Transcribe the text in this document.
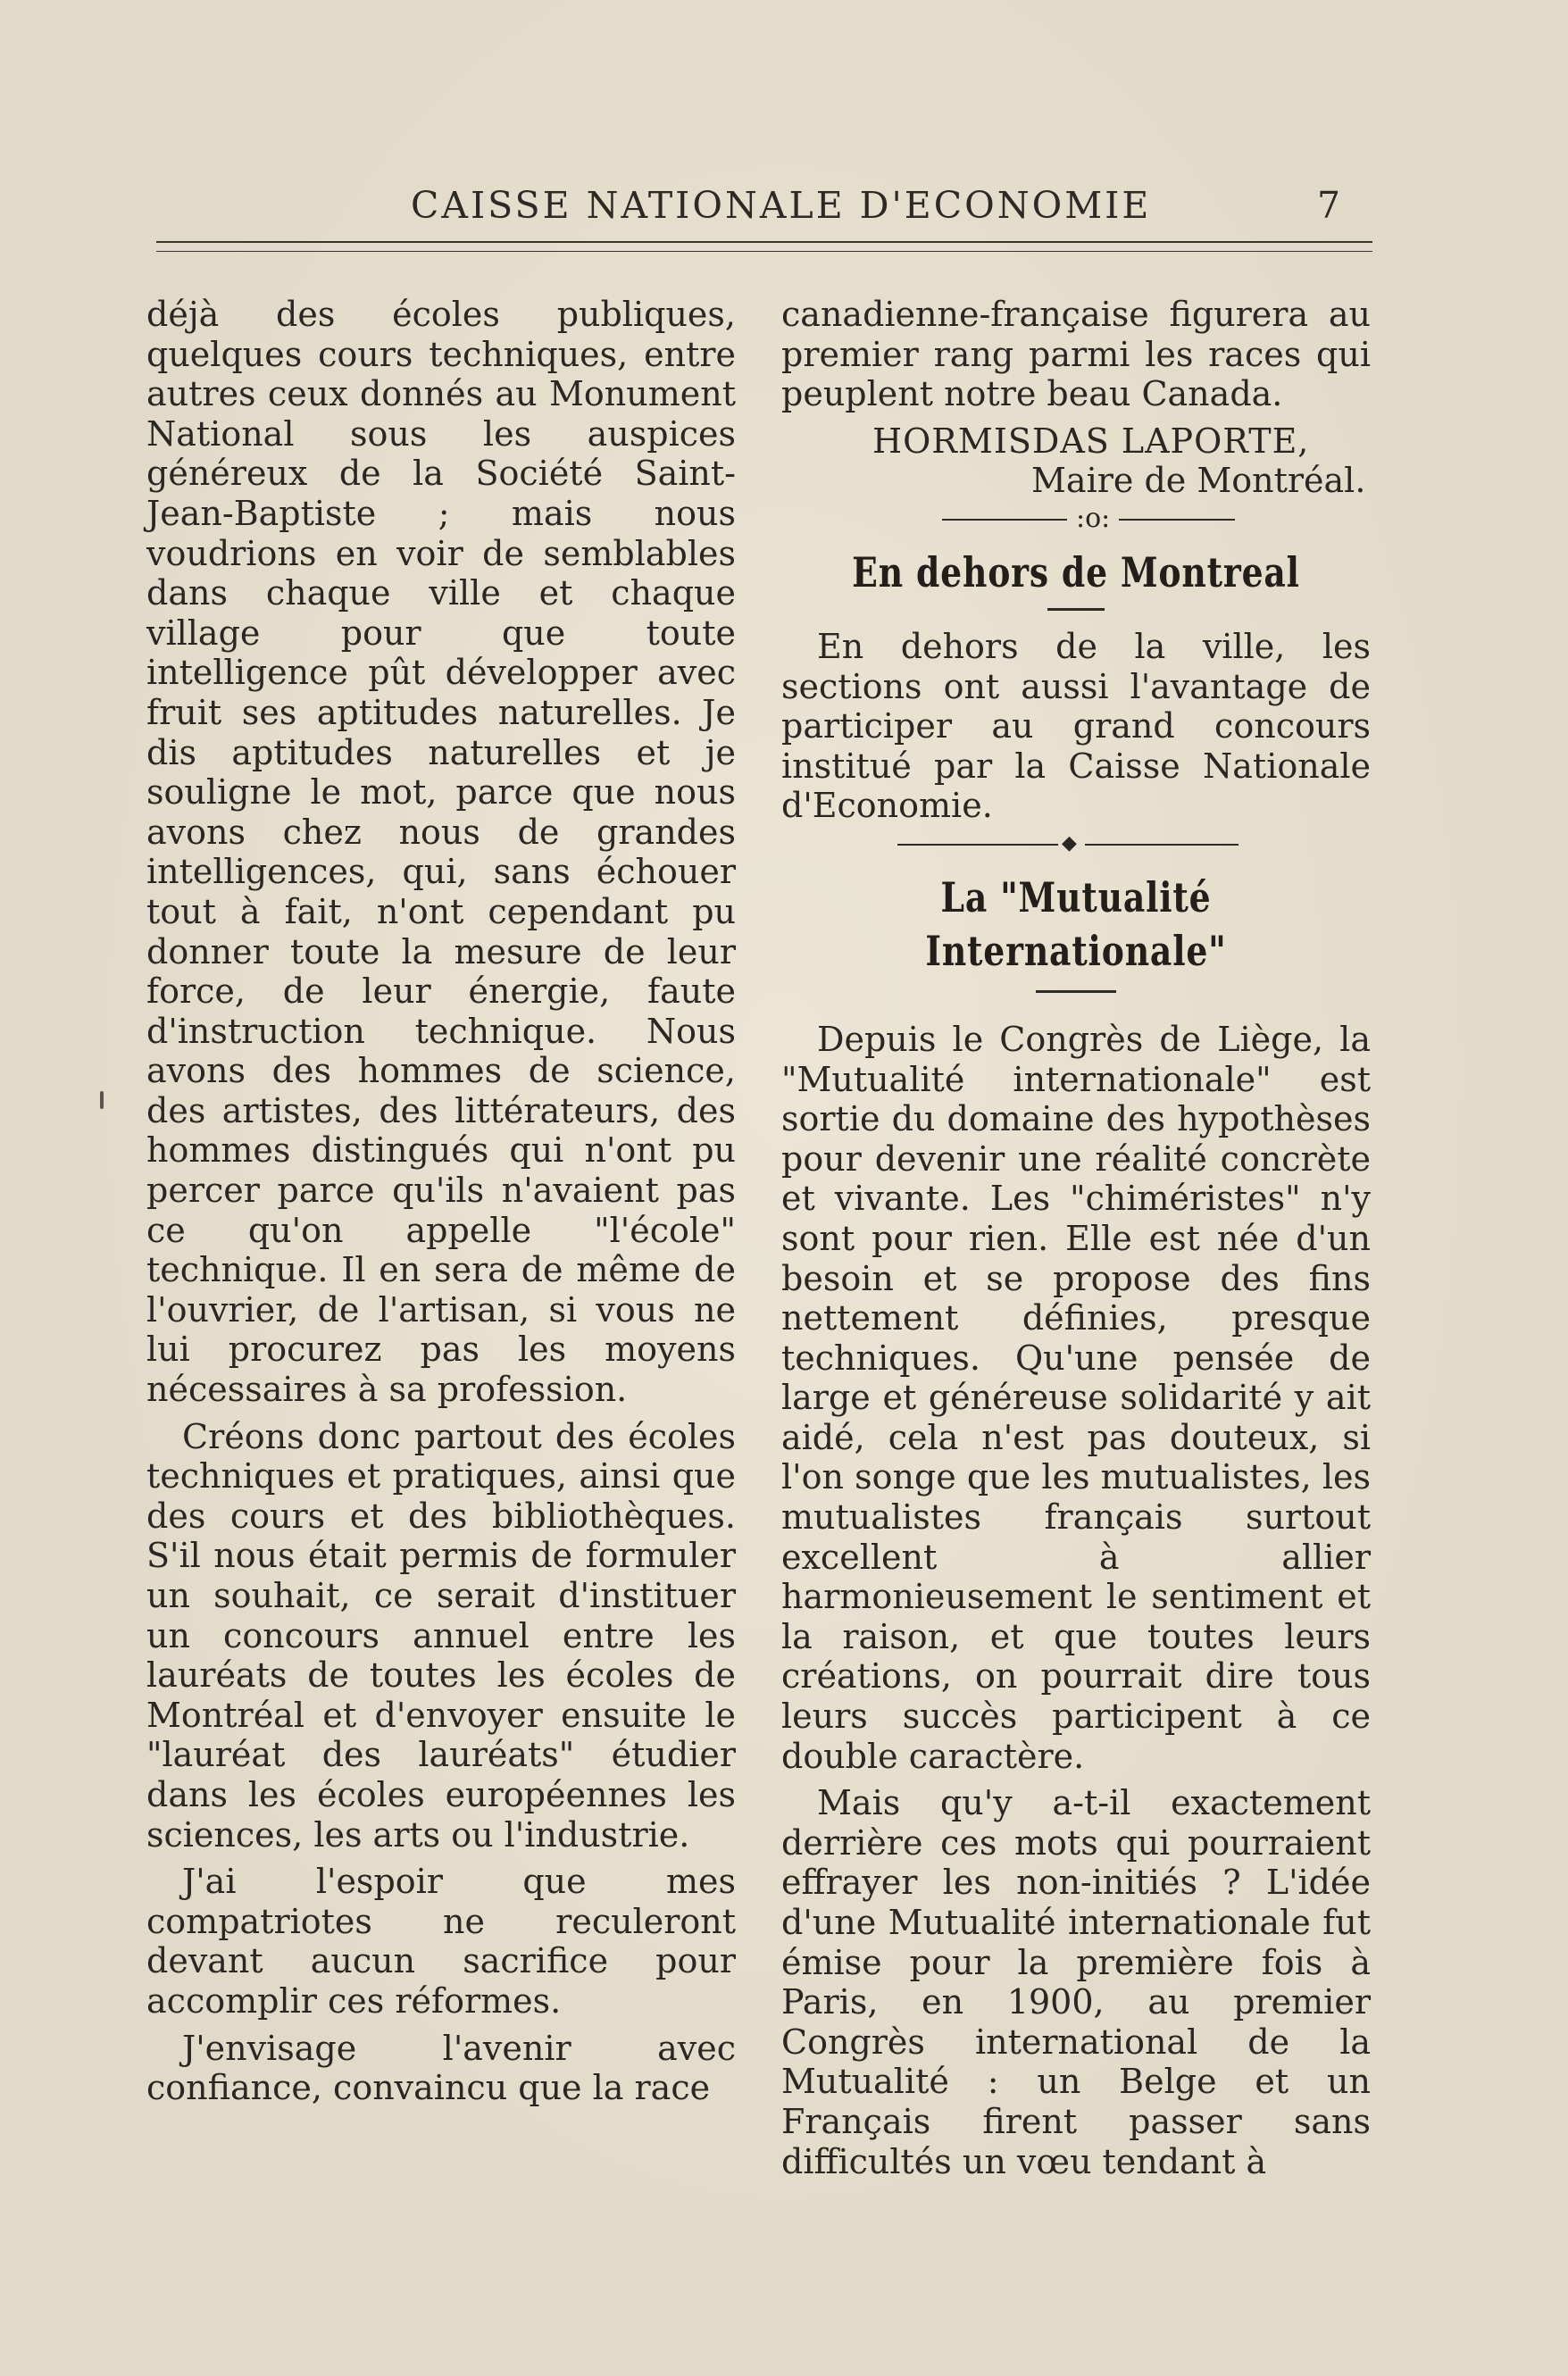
CAISSE NATIONALE D'ECONOMIE	7

déjà des écoles publiques, quelques cours techniques, entre autres ceux donnés au Monument National sous les auspices généreux de la Société Saint-Jean-Baptiste ; mais nous voudrions en voir de semblables dans chaque ville et chaque village pour que toute intelligence pût développer avec fruit ses aptitudes naturelles. Je dis aptitudes naturelles et je souligne le mot, parce que nous avons chez nous de grandes intelligences, qui, sans échouer tout à fait, n'ont cependant pu donner toute la mesure de leur force, de leur énergie, faute d'instruction technique. Nous avons des hommes de science, des artistes, des littérateurs, des hommes distingués qui n'ont pu percer parce qu'ils n'avaient pas ce qu'on appelle "l'école" technique. Il en sera de même de l'ouvrier, de l'artisan, si vous ne lui procurez pas les moyens nécessaires à sa profession.

Créons donc partout des écoles techniques et pratiques, ainsi que des cours et des bibliothèques. S'il nous était permis de formuler un souhait, ce serait d'instituer un concours annuel entre les lauréats de toutes les écoles de Montréal et d'envoyer ensuite le "lauréat des lauréats" étudier dans les écoles européennes les sciences, les arts ou l'industrie.

J'ai l'espoir que mes compatriotes ne reculeront devant aucun sacrifice pour accomplir ces réformes.

J'envisage l'avenir avec confiance, convaincu que la race

canadienne-française figurera au premier rang parmi les races qui peuplent notre beau Canada.

HORMISDAS LAPORTE,
Maire de Montréal.

:o:
En dehors de Montreal

En dehors de la ville, les sections ont aussi l'avantage de participer au grand concours institué par la Caisse Nationale d'Economie.

◆
La "Mutualité Internationale"

Depuis le Congrès de Liège, la "Mutualité internationale" est sortie du domaine des hypothèses pour devenir une réalité concrète et vivante. Les "chiméristes" n'y sont pour rien. Elle est née d'un besoin et se propose des fins nettement définies, presque techniques. Qu'une pensée de large et généreuse solidarité y ait aidé, cela n'est pas douteux, si l'on songe que les mutualistes, les mutualistes français surtout excellent à allier harmonieusement le sentiment et la raison, et que toutes leurs créations, on pourrait dire tous leurs succès participent à ce double caractère.

Mais qu'y a-t-il exactement derrière ces mots qui pourraient effrayer les non-initiés ? L'idée d'une Mutualité internationale fut émise pour la première fois à Paris, en 1900, au premier Congrès international de la Mutualité : un Belge et un Français firent passer sans difficultés un vœu tendant à
